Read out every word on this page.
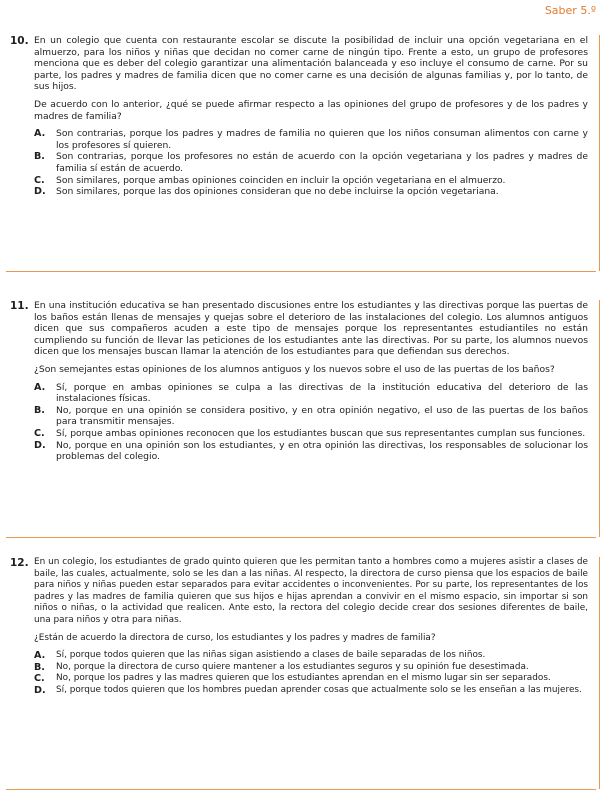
Saber 5.º
10. En un colegio que cuenta con restaurante escolar se discute la posibilidad de incluir una opción vegetariana en el almuerzo, para los niños y niñas que decidan no comer carne de ningún tipo. Frente a esto, un grupo de profesores menciona que es deber del colegio garantizar una alimentación balanceada y eso incluye el consumo de carne. Por su parte, los padres y madres de familia dicen que no comer carne es una decisión de algunas familias y, por lo tanto, de sus hijos.

De acuerdo con lo anterior, ¿qué se puede afirmar respecto a las opiniones del grupo de profesores y de los padres y madres de familia?

A.	Son contrarias, porque los padres y madres de familia no quieren que los niños consuman alimentos con carne y los profesores sí quieren.
B.	Son contrarias, porque los profesores no están de acuerdo con la opción vegetariana y los padres y madres de familia sí están de acuerdo.
C.	Son similares, porque ambas opiniones coinciden en incluir la opción vegetariana en el almuerzo.
D.	Son similares, porque las dos opiniones consideran que no debe incluirse la opción vegetariana.
11. En una institución educativa se han presentado discusiones entre los estudiantes y las directivas porque las puertas de los baños están llenas de mensajes y quejas sobre el deterioro de las instalaciones del colegio. Los alumnos antiguos dicen que sus compañeros acuden a este tipo de mensajes porque los representantes estudiantiles no están cumpliendo su función de llevar las peticiones de los estudiantes ante las directivas. Por su parte, los alumnos nuevos dicen que los mensajes buscan llamar la atención de los estudiantes para que defiendan sus derechos.

¿Son semejantes estas opiniones de los alumnos antiguos y los nuevos sobre el uso de las puertas de los baños?

A.	Sí, porque en ambas opiniones se culpa a las directivas de la institución educativa del deterioro de las instalaciones físicas.
B.	No, porque en una opinión se considera positivo, y en otra opinión negativo, el uso de las puertas de los baños para transmitir mensajes.
C.	Sí, porque ambas opiniones reconocen que los estudiantes buscan que sus representantes cumplan sus funciones.
D.	No, porque en una opinión son los estudiantes, y en otra opinión las directivas, los responsables de solucionar los problemas del colegio.
12. En un colegio, los estudiantes de grado quinto quieren que les permitan tanto a hombres como a mujeres asistir a clases de baile, las cuales, actualmente, solo se les dan a las niñas. Al respecto, la directora de curso piensa que los espacios de baile para niños y niñas pueden estar separados para evitar accidentes o inconvenientes. Por su parte, los representantes de los padres y las madres de familia quieren que sus hijos e hijas aprendan a convivir en el mismo espacio, sin importar si son niños o niñas, o la actividad que realicen. Ante esto, la rectora del colegio decide crear dos sesiones diferentes de baile, una para niños y otra para niñas.

¿Están de acuerdo la directora de curso, los estudiantes y los padres y madres de familia?

A.	Sí, porque todos quieren que las niñas sigan asistiendo a clases de baile separadas de los niños.
B.	No, porque la directora de curso quiere mantener a los estudiantes seguros y su opinión fue desestimada.
C.	No, porque los padres y las madres quieren que los estudiantes aprendan en el mismo lugar sin ser separados.
D.	Sí, porque todos quieren que los hombres puedan aprender cosas que actualmente solo se les enseñan a las mujeres.
